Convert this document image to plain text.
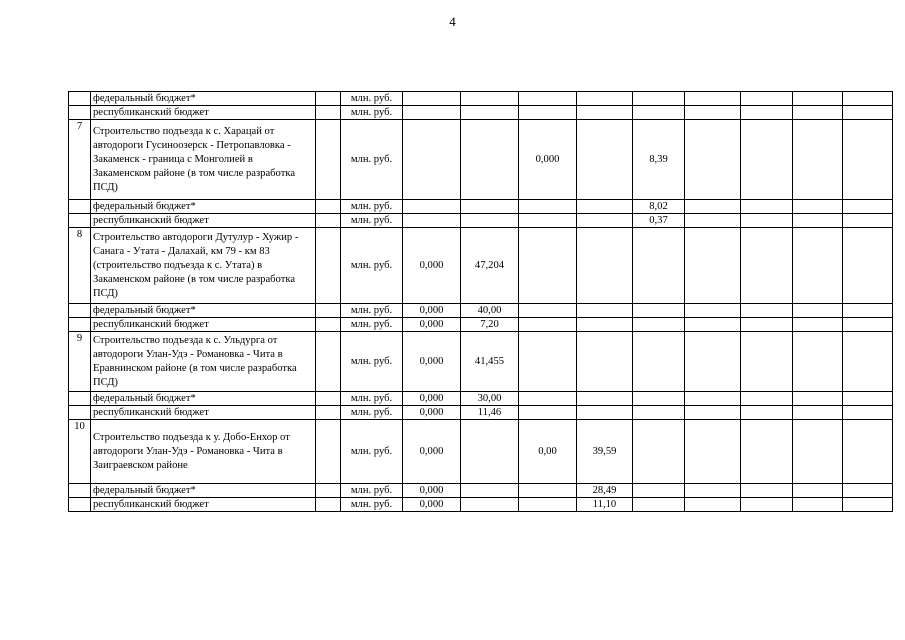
4
	федеральный бюджет*		млн. руб.									
	республиканский бюджет		млн. руб.									
7	Строительство подъезда к с. Харацай от автодороги Гусиноозерск - Петропавловка - Закаменск - граница с Монголией в Закаменском районе (в том числе разработка ПСД)		млн. руб.			0,000		8,39				
	федеральный бюджет*		млн. руб.					8,02				
	республиканский бюджет		млн. руб.					0,37				
8	Строительство автодороги Дутулур - Хужир - Санага - Утата - Далахай, км 79 - км 83 (строительство подъезда к с. Утата) в Закаменском районе (в том числе разработка ПСД)		млн. руб.	0,000	47,204							
	федеральный бюджет*		млн. руб.	0,000	40,00							
	республиканский бюджет		млн. руб.	0,000	7,20							
9	Строительство подъезда к с. Ульдурга от автодороги Улан-Удэ - Романовка - Чита в Еравнинском районе (в том числе разработка ПСД)		млн. руб.	0,000	41,455							
	федеральный бюджет*		млн. руб.	0,000	30,00							
	республиканский бюджет		млн. руб.	0,000	11,46							
10	Строительство подъезда к у. Добо-Енхор от автодороги Улан-Удэ - Романовка - Чита в Заиграевском районе		млн. руб.	0,000		0,00	39,59					
	федеральный бюджет*		млн. руб.	0,000			28,49					
	республиканский бюджет		млн. руб.	0,000			11,10					
